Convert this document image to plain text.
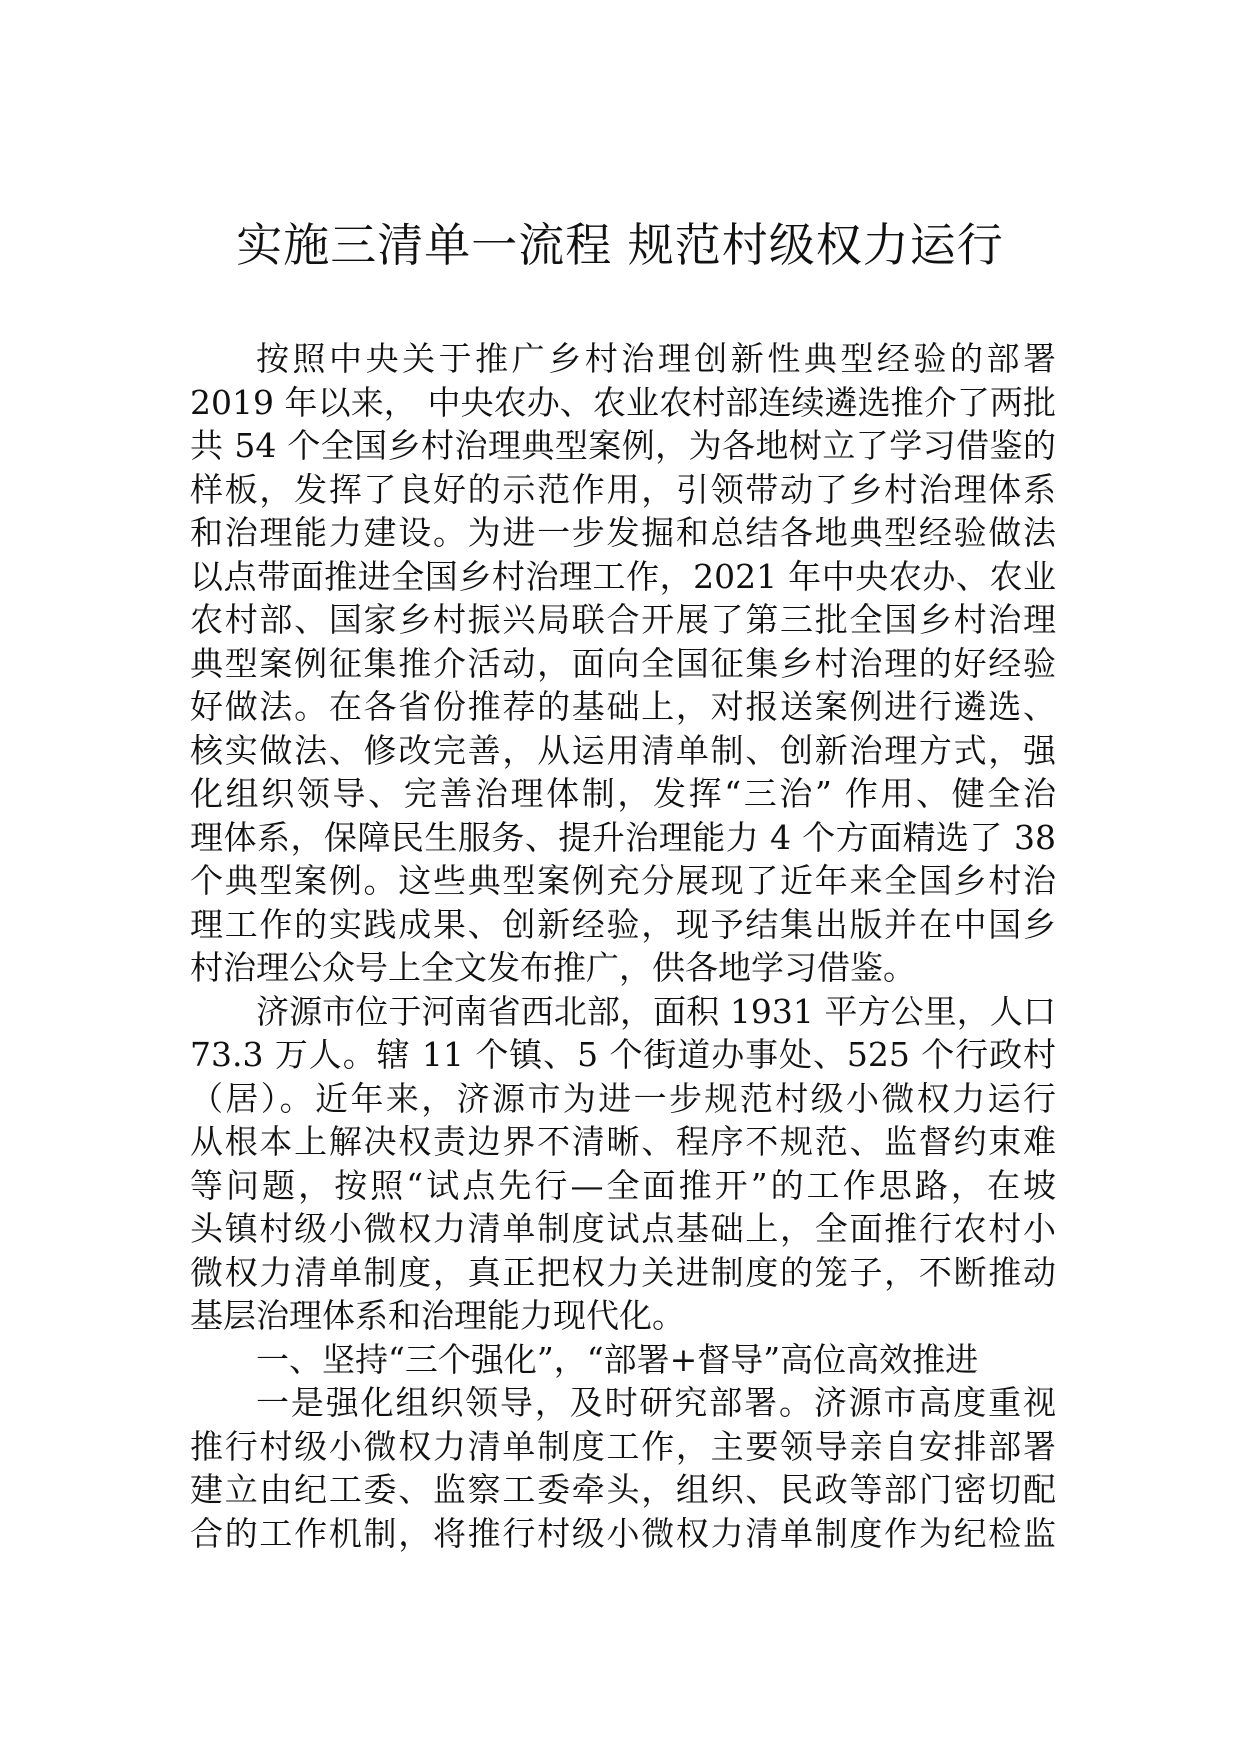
实施三清单一流程 规范村级权力运行
按照中央关于推广乡村治理创新性典型经验的部署
2019 年以来， 中央农办、农业农村部连续遴选推介了两批
共 54 个全国乡村治理典型案例，为各地树立了学习借鉴的
样板，发挥了良好的示范作用，引领带动了乡村治理体系
和治理能力建设。为进一步发掘和总结各地典型经验做法
以点带面推进全国乡村治理工作，2021 年中央农办、农业
农村部、国家乡村振兴局联合开展了第三批全国乡村治理
典型案例征集推介活动，面向全国征集乡村治理的好经验
好做法。在各省份推荐的基础上，对报送案例进行遴选、
核实做法、修改完善，从运用清单制、创新治理方式，强
化组织领导、完善治理体制，发挥“三治” 作用、健全治
理体系，保障民生服务、提升治理能力 4 个方面精选了 38
个典型案例。这些典型案例充分展现了近年来全国乡村治
理工作的实践成果、创新经验，现予结集出版并在中国乡
村治理公众号上全文发布推广，供各地学习借鉴。
济源市位于河南省西北部，面积 1931 平方公里，人口
73.3 万人。辖 11 个镇、5 个街道办事处、525 个行政村
（居）。近年来，济源市为进一步规范村级小微权力运行
从根本上解决权责边界不清晰、程序不规范、监督约束难
等问题，按照“试点先行—全面推开”的工作思路，在坡
头镇村级小微权力清单制度试点基础上，全面推行农村小
微权力清单制度，真正把权力关进制度的笼子，不断推动
基层治理体系和治理能力现代化。
一、坚持“三个强化”，“部署+督导”高位高效推进
一是强化组织领导，及时研究部署。济源市高度重视
推行村级小微权力清单制度工作，主要领导亲自安排部署
建立由纪工委、监察工委牵头，组织、民政等部门密切配
合的工作机制，将推行村级小微权力清单制度作为纪检监
